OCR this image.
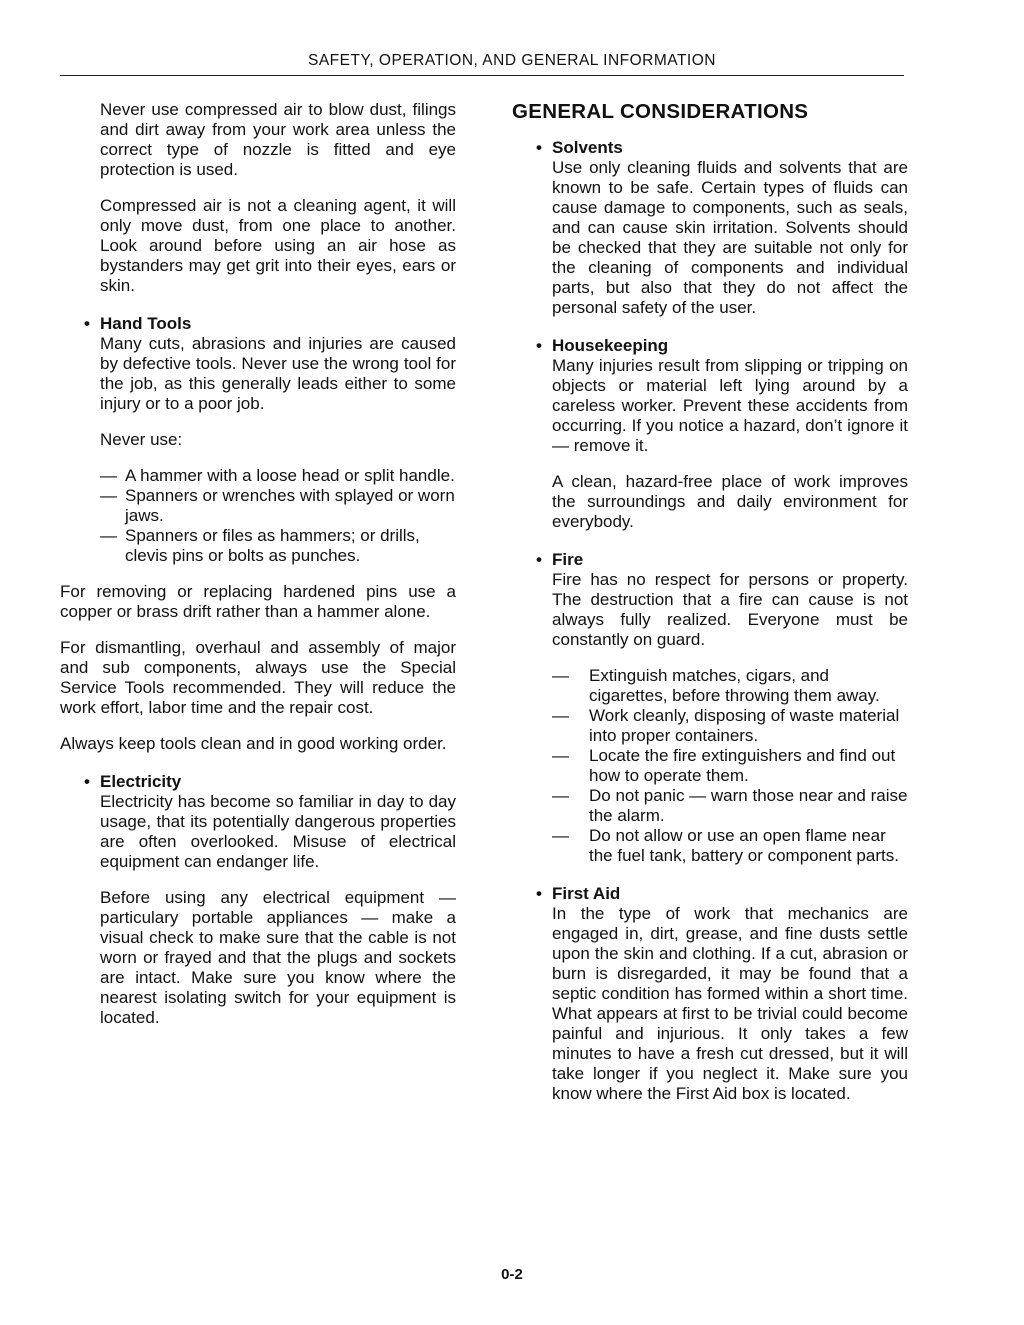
SAFETY, OPERATION, AND GENERAL INFORMATION

Never use compressed air to blow dust, filings and dirt away from your work area unless the correct type of nozzle is fitted and eye protection is used.

Compressed air is not a cleaning agent, it will only move dust, from one place to another. Look around before using an air hose as bystanders may get grit into their eyes, ears or skin.

• Hand Tools

Many cuts, abrasions and injuries are caused by defective tools. Never use the wrong tool for the job, as this generally leads either to some injury or to a poor job.

Never use:

— A hammer with a loose head or split handle.
— Spanners or wrenches with splayed or worn jaws.
— Spanners or files as hammers; or drills, clevis pins or bolts as punches.

For removing or replacing hardened pins use a copper or brass drift rather than a hammer alone.

For dismantling, overhaul and assembly of major and sub components, always use the Special Service Tools recommended. They will reduce the work effort, labor time and the repair cost.

Always keep tools clean and in good working order.

• Electricity

Electricity has become so familiar in day to day usage, that its potentially dangerous properties are often overlooked. Misuse of electrical equipment can endanger life.

Before using any electrical equipment — particulary portable appliances — make a visual check to make sure that the cable is not worn or frayed and that the plugs and sockets are intact. Make sure you know where the nearest isolating switch for your equipment is located.

GENERAL CONSIDERATIONS
• Solvents

Use only cleaning fluids and solvents that are known to be safe. Certain types of fluids can cause damage to components, such as seals, and can cause skin irritation. Solvents should be checked that they are suitable not only for the cleaning of components and individual parts, but also that they do not affect the personal safety of the user.

• Housekeeping

Many injuries result from slipping or tripping on objects or material left lying around by a careless worker. Prevent these accidents from occurring. If you notice a hazard, don’t ignore it — remove it.

A clean, hazard-free place of work improves the surroundings and daily environment for everybody.

• Fire

Fire has no respect for persons or property. The destruction that a fire can cause is not always fully realized. Everyone must be constantly on guard.

—	Extinguish matches, cigars, and cigarettes, before throwing them away.
—	Work cleanly, disposing of waste material into proper containers.
—	Locate the fire extinguishers and find out how to operate them.
—	Do not panic — warn those near and raise the alarm.
—	Do not allow or use an open flame near the fuel tank, battery or component parts.
• First Aid

In the type of work that mechanics are engaged in, dirt, grease, and fine dusts settle upon the skin and clothing. If a cut, abrasion or burn is disregarded, it may be found that a septic condition has formed within a short time. What appears at first to be trivial could become painful and injurious. It only takes a few minutes to have a fresh cut dressed, but it will take longer if you neglect it. Make sure you know where the First Aid box is located.

0-2
